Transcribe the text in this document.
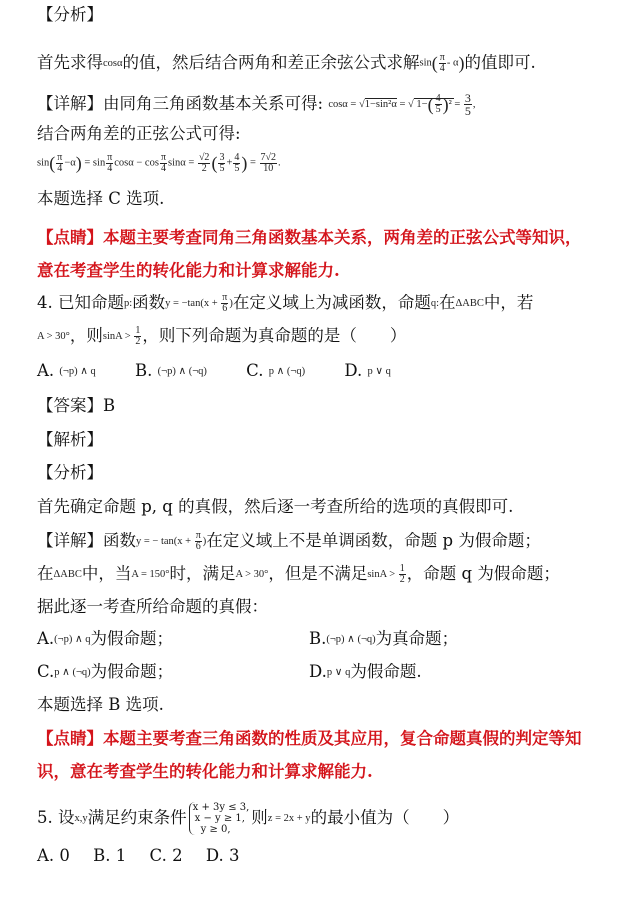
【分析】
首先求得cosα的值，然后结合两角和差正余弦公式求解$\sin( \frac{\pi}{4} - \alpha)$的值即可.
【详解】由同角三角函数基本关系可得: cosα = √1−sin²α = √ $1-( \frac{4}{5} )^2 = \frac{3}{5}$ ,
结合两角差的正弦公式可得:
$\sin( \frac{\pi}{4} -\alpha) = \sin \frac{\pi}{4}$ $\cos\alpha - \cos \frac{\pi}{4}$ $\sin\alpha = \frac{√2}{2}$ ( $\frac{3}{5} + \frac{4}{5}$ ) = $\frac{7√2}{10}$ .
本题选择 C 选项.
【点睛】本题主要考查同角三角函数基本关系，两角差的正弦公式等知识，
意在考查学生的转化能力和计算求解能力.
4. 已知命题p:函数$y = -\tan(x + \frac{\pi}{6}$ )在定义域上为减函数，命题q:在ΔABC中，若
A > 30°，则$\sin A > \frac{1}{2}$ ，则下列命题为真命题的是（　　）
A. (¬p) ∧ q B. (¬p) ∧ (¬q) C. p ∧ (¬q) D. p ∨ q
【答案】B
【解析】
【分析】
首先确定命题 p, q 的真假，然后逐一考查所给的选项的真假即可.
【详解】函数y = − $\tan(x + \frac{\pi}{6}$ )在定义域上不是单调函数，命题 p 为假命题；
在ΔABC中，当A = 150°时，满足A > 30°，但是不满足$\sin A > \frac{1}{2}$ ，命题 q 为假命题；
据此逐一考查所给命题的真假：
A.(¬p) ∧ q为假命题；	B.(¬p) ∧ (¬q)为真命题；
C.p ∧ (¬q)为假命题；	D.p ∨ q为假命题.
本题选择 B 选项.
【点睛】本题主要考查三角函数的性质及其应用，复合命题真假的判定等知
识，意在考查学生的转化能力和计算求解能力.
5. 设x,y满足约束条件
x + 3y ≤ 3,
x − y ≥ 1,
y ≥ 0,
则z = 2x + y的最小值为（　　）
A. 0 B. 1 C. 2 D. 3
